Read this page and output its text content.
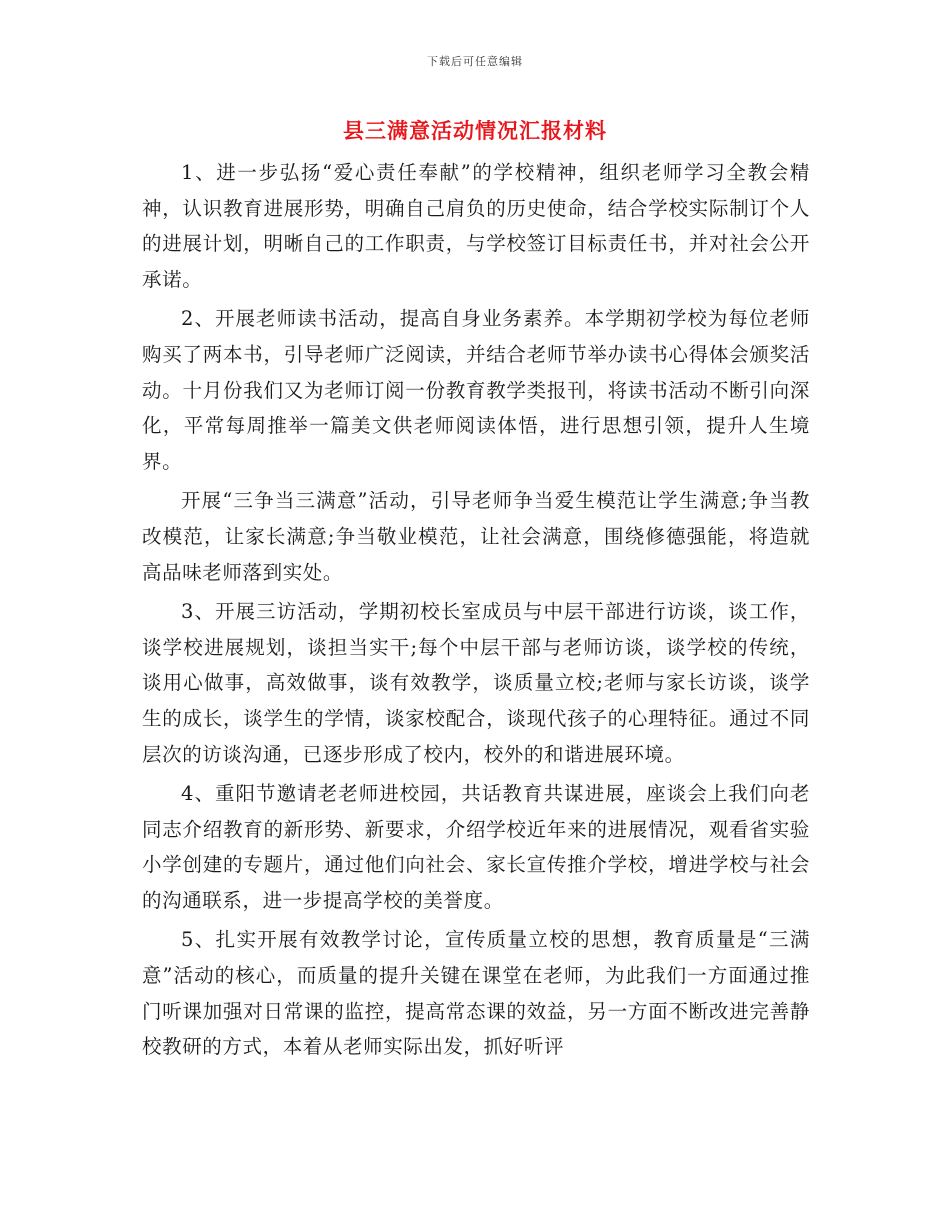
下载后可任意编辑
县三满意活动情况汇报材料

1、进一步弘扬“爱心责任奉献”的学校精神，组织老师学习全教会精神，认识教育进展形势，明确自己肩负的历史使命，结合学校实际制订个人的进展计划，明晰自己的工作职责，与学校签订目标责任书，并对社会公开承诺。

2、开展老师读书活动，提高自身业务素养。本学期初学校为每位老师购买了两本书，引导老师广泛阅读，并结合老师节举办读书心得体会颁奖活动。十月份我们又为老师订阅一份教育教学类报刊，将读书活动不断引向深化，平常每周推举一篇美文供老师阅读体悟，进行思想引领，提升人生境界。

开展“三争当三满意”活动，引导老师争当爱生模范让学生满意;争当教改模范，让家长满意;争当敬业模范，让社会满意，围绕修德强能，将造就高品味老师落到实处。

3、开展三访活动，学期初校长室成员与中层干部进行访谈，谈工作，谈学校进展规划，谈担当实干;每个中层干部与老师访谈，谈学校的传统，谈用心做事，高效做事，谈有效教学，谈质量立校;老师与家长访谈，谈学生的成长，谈学生的学情，谈家校配合，谈现代孩子的心理特征。通过不同层次的访谈沟通，已逐步形成了校内，校外的和谐进展环境。

4、重阳节邀请老老师进校园，共话教育共谋进展，座谈会上我们向老同志介绍教育的新形势、新要求，介绍学校近年来的进展情况，观看省实验小学创建的专题片，通过他们向社会、家长宣传推介学校，增进学校与社会的沟通联系，进一步提高学校的美誉度。

5、扎实开展有效教学讨论，宣传质量立校的思想，教育质量是“三满意”活动的核心，而质量的提升关键在课堂在老师，为此我们一方面通过推门听课加强对日常课的监控，提高常态课的效益，另一方面不断改进完善静校教研的方式，本着从老师实际出发，抓好听评
